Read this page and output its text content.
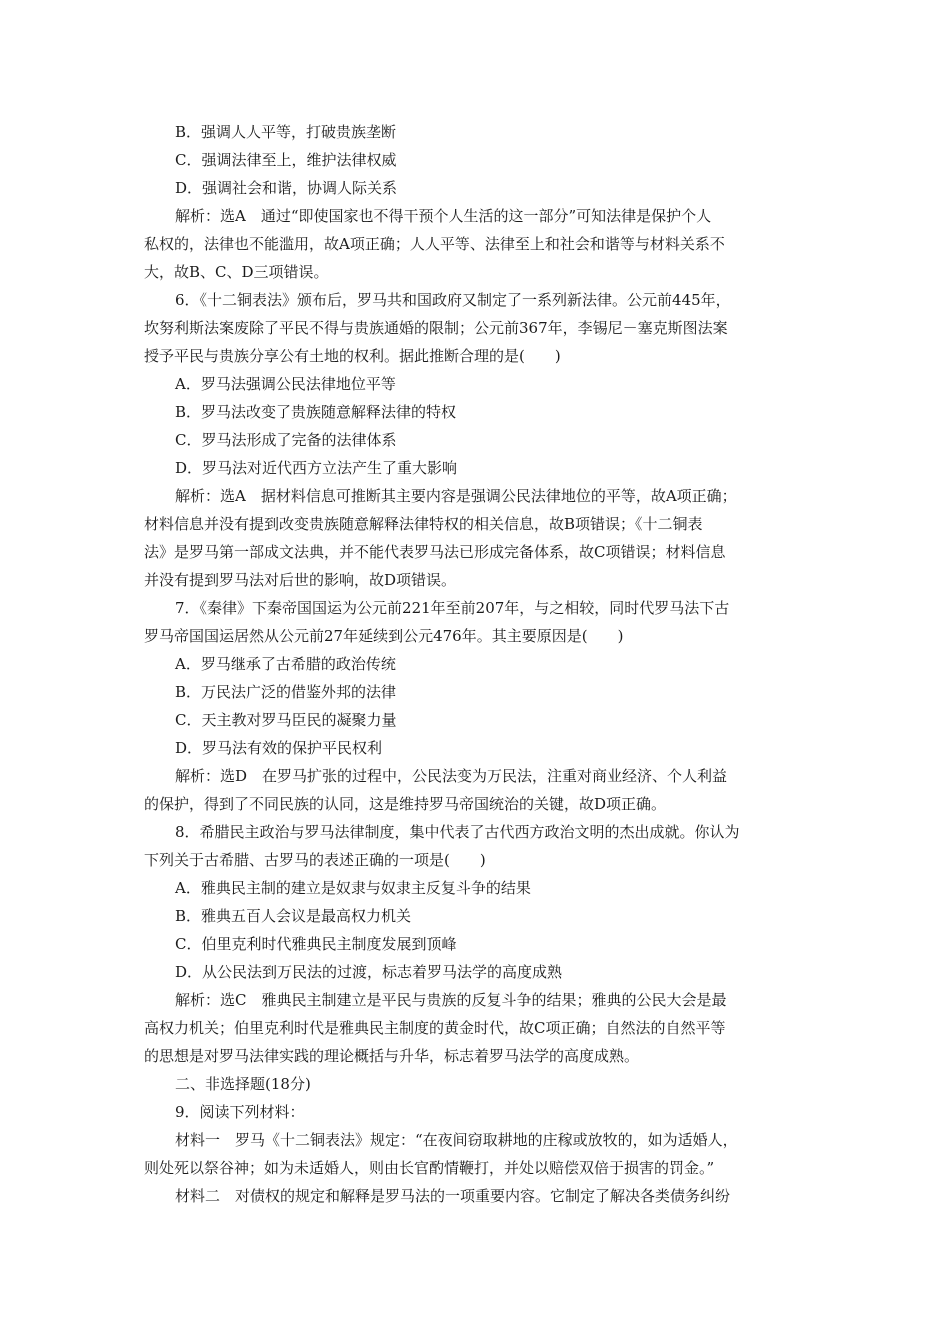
B．强调人人平等，打破贵族垄断
C．强调法律至上，维护法律权威
D．强调社会和谐，协调人际关系
解析：选A　通过“即使国家也不得干预个人生活的这一部分”可知法律是保护个人
私权的，法律也不能滥用，故A项正确；人人平等、法律至上和社会和谐等与材料关系不
大，故B、C、D三项错误。
6．《十二铜表法》颁布后，罗马共和国政府又制定了一系列新法律。公元前445年，
坎努利斯法案废除了平民不得与贵族通婚的限制；公元前367年，李锡尼－塞克斯图法案
授予平民与贵族分享公有土地的权利。据此推断合理的是(　　)
A．罗马法强调公民法律地位平等
B．罗马法改变了贵族随意解释法律的特权
C．罗马法形成了完备的法律体系
D．罗马法对近代西方立法产生了重大影响
解析：选A　据材料信息可推断其主要内容是强调公民法律地位的平等，故A项正确；
材料信息并没有提到改变贵族随意解释法律特权的相关信息，故B项错误；《十二铜表
法》是罗马第一部成文法典，并不能代表罗马法已形成完备体系，故C项错误；材料信息
并没有提到罗马法对后世的影响，故D项错误。
7．《秦律》下秦帝国国运为公元前221年至前207年，与之相较，同时代罗马法下古
罗马帝国国运居然从公元前27年延续到公元476年。其主要原因是(　　)
A．罗马继承了古希腊的政治传统
B．万民法广泛的借鉴外邦的法律
C．天主教对罗马臣民的凝聚力量
D．罗马法有效的保护平民权利
解析：选D　在罗马扩张的过程中，公民法变为万民法，注重对商业经济、个人利益
的保护，得到了不同民族的认同，这是维持罗马帝国统治的关键，故D项正确。
8．希腊民主政治与罗马法律制度，集中代表了古代西方政治文明的杰出成就。你认为
下列关于古希腊、古罗马的表述正确的一项是(　　)
A．雅典民主制的建立是奴隶与奴隶主反复斗争的结果
B．雅典五百人会议是最高权力机关
C．伯里克利时代雅典民主制度发展到顶峰
D．从公民法到万民法的过渡，标志着罗马法学的高度成熟
解析：选C　雅典民主制建立是平民与贵族的反复斗争的结果；雅典的公民大会是最
高权力机关；伯里克利时代是雅典民主制度的黄金时代，故C项正确；自然法的自然平等
的思想是对罗马法律实践的理论概括与升华，标志着罗马法学的高度成熟。
二、非选择题(18分)
9．阅读下列材料：
材料一　罗马《十二铜表法》规定：“在夜间窃取耕地的庄稼或放牧的，如为适婚人，
则处死以祭谷神；如为未适婚人，则由长官酌情鞭打，并处以赔偿双倍于损害的罚金。”
材料二　对债权的规定和解释是罗马法的一项重要内容。它制定了解决各类债务纠纷
